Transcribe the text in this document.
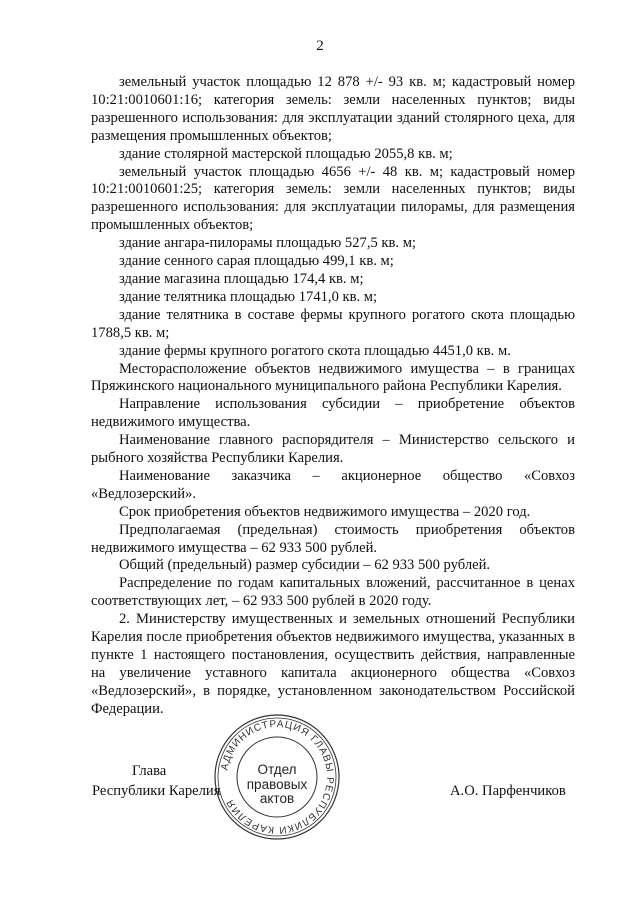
2

земельный участок площадью 12 878 +/- 93 кв. м; кадастровый номер 10:21:0010601:16; категория земель: земли населенных пунктов; виды разрешенного использования: для эксплуатации зданий столярного цеха, для размещения промышленных объектов;

здание столярной мастерской площадью 2055,8 кв. м;

земельный участок площадью 4656 +/- 48 кв. м; кадастровый номер 10:21:0010601:25; категория земель: земли населенных пунктов; виды разрешенного использования: для эксплуатации пилорамы, для размещения промышленных объектов;

здание ангара-пилорамы площадью 527,5 кв. м;

здание сенного сарая площадью 499,1 кв. м;

здание магазина площадью 174,4 кв. м;

здание телятника площадью 1741,0 кв. м;

здание телятника в составе фермы крупного рогатого скота площадью 1788,5 кв. м;

здание фермы крупного рогатого скота площадью 4451,0 кв. м.

Месторасположение объектов недвижимого имущества – в границах Пряжинского национального муниципального района Республики Карелия.

Направление использования субсидии – приобретение объектов недвижимого имущества.

Наименование главного распорядителя – Министерство сельского и рыбного хозяйства Республики Карелия.

Наименование заказчика – акционерное общество «Совхоз «Ведлозерский».

Срок приобретения объектов недвижимого имущества – 2020 год.

Предполагаемая (предельная) стоимость приобретения объектов недвижимого имущества – 62 933 500 рублей.

Общий (предельный) размер субсидии – 62 933 500 рублей.

Распределение по годам капитальных вложений, рассчитанное в ценах соответствующих лет, – 62 933 500 рублей в 2020 году.

2. Министерству имущественных и земельных отношений Республики Карелия после приобретения объектов недвижимого имущества, указанных в пункте 1 настоящего постановления, осуществить действия, направленные на увеличение уставного капитала акционерного общества «Совхоз «Ведлозерский», в порядке, установленном законодательством Российской Федерации.

АДМИНИСТРАЦИЯ ГЛАВЫ РЕСПУБЛИКИ КАРЕЛИЯ
Отдел
правовых
актов
Глава
Республики Карелия	А.О. Парфенчиков
